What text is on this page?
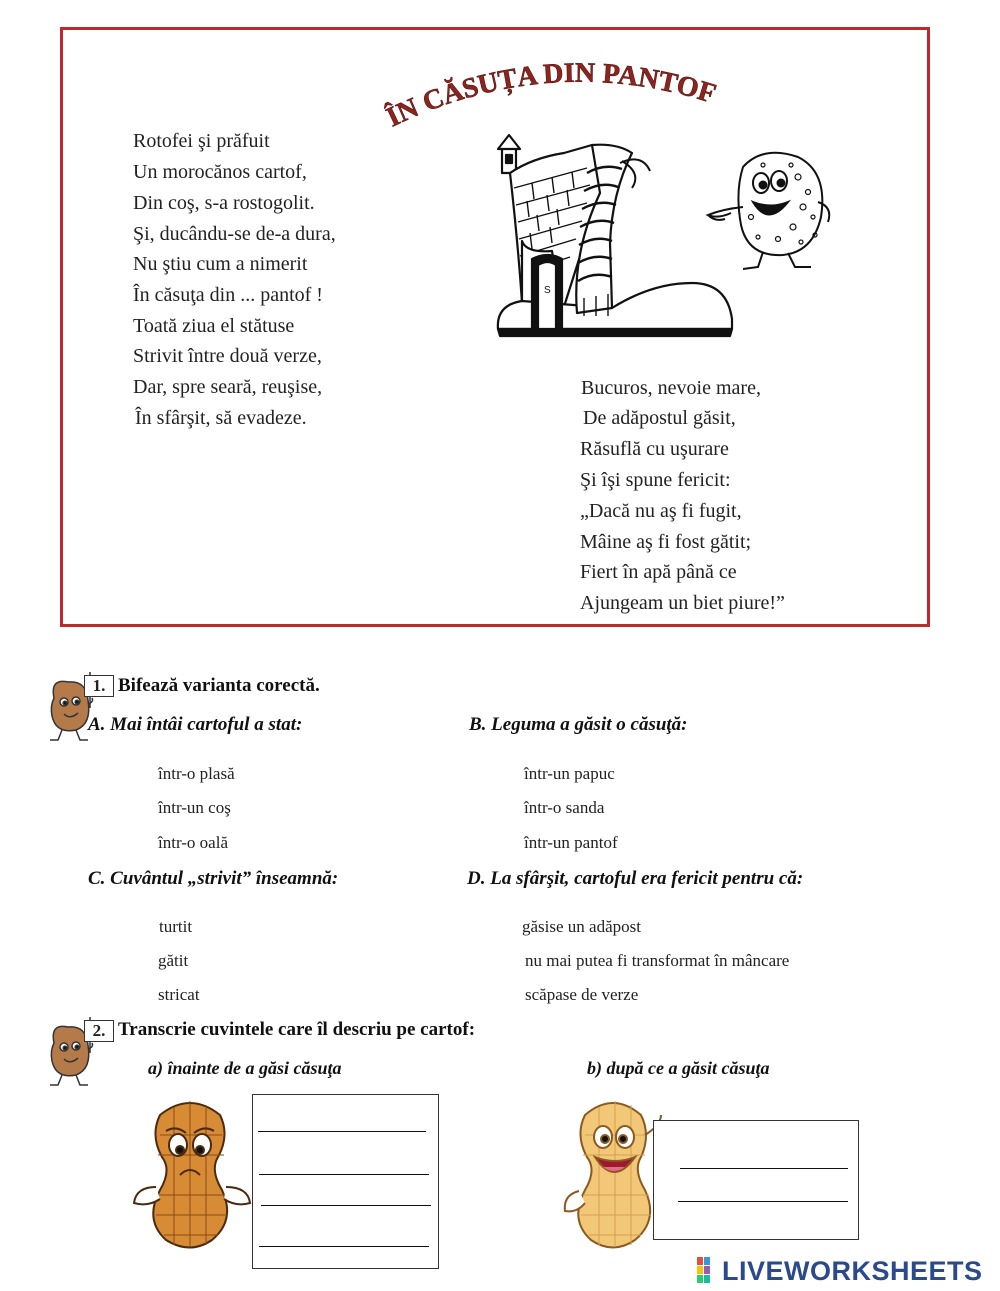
ÎN CĂSUȚA DIN PANTOF
Rotofei şi prăfuit
Un morocănos cartof,
Din coş, s-a rostogolit.
Şi, ducându-se de-a dura,
Nu ştiu cum a nimerit
În căsuţa din ... pantof !
Toată ziua el stătuse
Strivit între două verze,
Dar, spre seară, reuşise,
În sfârşit, să evadeze.
Bucuros, nevoie mare,
De adăpostul găsit,
Răsuflă cu uşurare
Şi îşi spune fericit:
„Dacă nu aş fi fugit,
Mâine aş fi fost gătit;
Fiert în apă până ce
Ajungeam un biet piure!”
S
1. Bifează varianta corectă.
A. Mai întâi cartoful a stat:	B. Leguma a găsit o căsuţă:
într-o plasă
într-un coş
într-o oală
într-un papuc
într-o sanda
într-un pantof
C. Cuvântul „strivit” înseamnă:	D. La sfârşit, cartoful era fericit pentru că:
turtit
gătit
stricat
găsise un adăpost
nu mai putea fi transformat în mâncare
scăpase de verze
2. Transcrie cuvintele care îl descriu pe cartof:
a) înainte de a găsi căsuţa	b) după ce a găsit căsuţa
LIVEWORKSHEETS
